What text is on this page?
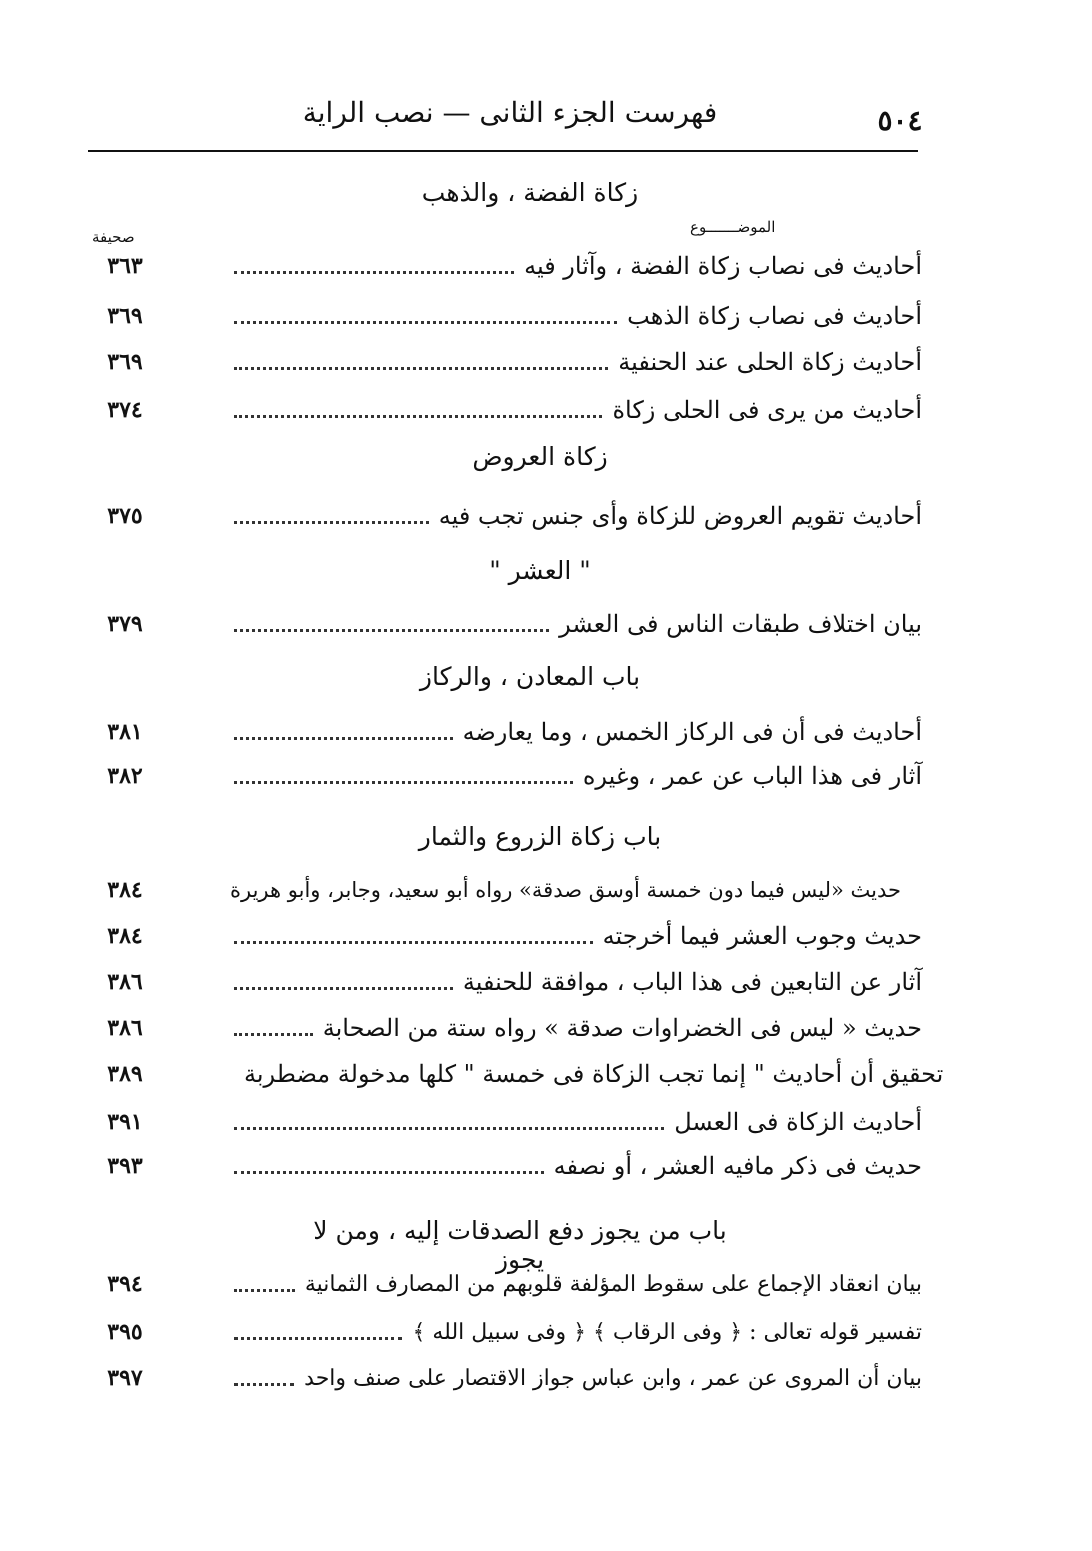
٥٠٤
فهرست الجزء الثانى — نصب الراية
زكاة الفضة ، والذهب
الموضـــــــوع
صحيفة
٣٦٣	أحاديث فى نصاب زكاة الفضة ، وآثار فيه
٣٦٩	أحاديث فى نصاب زكاة الذهب
٣٦٩	أحاديث زكاة الحلى عند الحنفية
٣٧٤	أحاديث من يرى فى الحلى زكاة
زكاة العروض
٣٧٥	أحاديث تقويم العروض للزكاة وأى جنس تجب فيه
" العشر "
٣٧٩	بيان اختلاف طبقات الناس فى العشر
باب المعادن ، والركاز
٣٨١	أحاديث فى أن فى الركاز الخمس ، وما يعارضه
٣٨٢	آثار فى هذا الباب عن عمر ، وغيره
باب زكاة الزروع والثمار
٣٨٤	حديث «ليس فيما دون خمسة أوسق صدقة» رواه أبو سعيد، وجابر، وأبو هريرة
٣٨٤	حديث وجوب العشر فيما أخرجته
٣٨٦	آثار عن التابعين فى هذا الباب ، موافقة للحنفية
٣٨٦	حديث « ليس فى الخضراوات صدقة » رواه ستة من الصحابة
٣٨٩	تحقيق أن أحاديث " إنما تجب الزكاة فى خمسة " كلها مدخولة مضطربة
٣٩١	أحاديث الزكاة فى العسل
٣٩٣	حديث فى ذكر مافيه العشر ، أو نصفه
باب من يجوز دفع الصدقات إليه ، ومن لا يجوز
٣٩٤	بيان انعقاد الإجماع على سقوط المؤلفة قلوبهم من المصارف الثمانية
٣٩٥	تفسير قوله تعالى : ﴿ وفى الرقاب ﴾ ﴿ وفى سبيل الله ﴾
٣٩٧	بيان أن المروى عن عمر ، وابن عباس جواز الاقتصار على صنف واحد
